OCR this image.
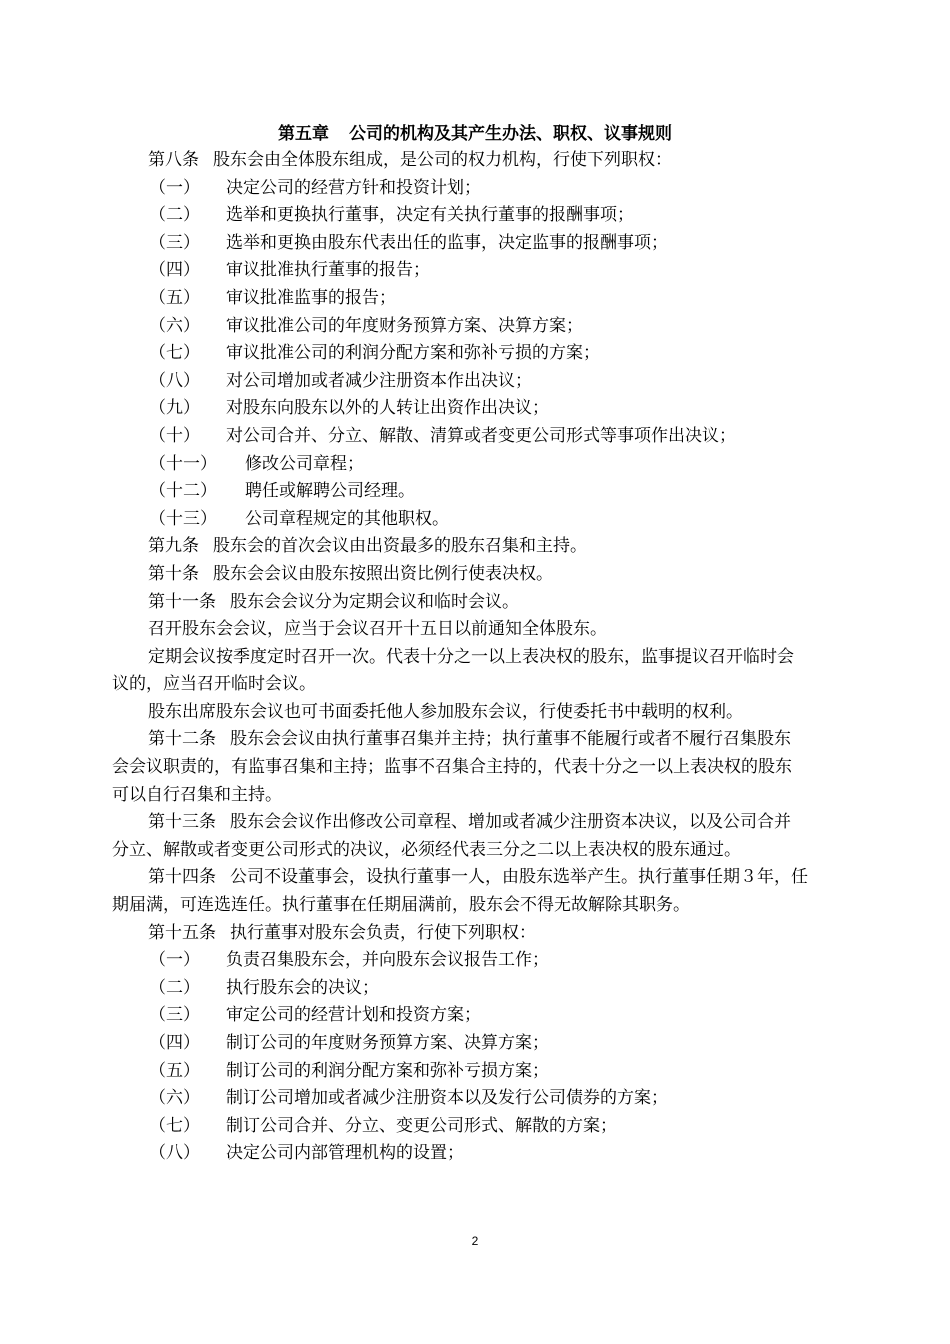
第五章 公司的机构及其产生办法、职权、议事规则
第八条 股东会由全体股东组成，是公司的权力机构，行使下列职权：
（一） 决定公司的经营方针和投资计划；
（二） 选举和更换执行董事，决定有关执行董事的报酬事项；
（三） 选举和更换由股东代表出任的监事，决定监事的报酬事项；
（四） 审议批准执行董事的报告；
（五） 审议批准监事的报告；
（六） 审议批准公司的年度财务预算方案、决算方案；
（七） 审议批准公司的利润分配方案和弥补亏损的方案；
（八） 对公司增加或者减少注册资本作出决议；
（九） 对股东向股东以外的人转让出资作出决议；
（十） 对公司合并、分立、解散、清算或者变更公司形式等事项作出决议；
（十一） 修改公司章程；
（十二） 聘任或解聘公司经理。
（十三） 公司章程规定的其他职权。
第九条 股东会的首次会议由出资最多的股东召集和主持。
第十条 股东会会议由股东按照出资比例行使表决权。
第十一条 股东会会议分为定期会议和临时会议。
召开股东会会议，应当于会议召开十五日以前通知全体股东。
定期会议按季度定时召开一次。代表十分之一以上表决权的股东，监事提议召开临时会
议的，应当召开临时会议。
股东出席股东会议也可书面委托他人参加股东会议，行使委托书中载明的权利。
第十二条 股东会会议由执行董事召集并主持；执行董事不能履行或者不履行召集股东
会会议职责的，有监事召集和主持；监事不召集合主持的，代表十分之一以上表决权的股东
可以自行召集和主持。
第十三条 股东会会议作出修改公司章程、增加或者减少注册资本决议，以及公司合并
分立、解散或者变更公司形式的决议，必须经代表三分之二以上表决权的股东通过。
第十四条 公司不设董事会，设执行董事一人，由股东选举产生。执行董事任期３年，任
期届满，可连选连任。执行董事在任期届满前，股东会不得无故解除其职务。
第十五条 执行董事对股东会负责，行使下列职权：
（一） 负责召集股东会，并向股东会议报告工作；
（二） 执行股东会的决议；
（三） 审定公司的经营计划和投资方案；
（四） 制订公司的年度财务预算方案、决算方案；
（五） 制订公司的利润分配方案和弥补亏损方案；
（六） 制订公司增加或者减少注册资本以及发行公司债券的方案；
（七） 制订公司合并、分立、变更公司形式、解散的方案；
（八） 决定公司内部管理机构的设置；
2
